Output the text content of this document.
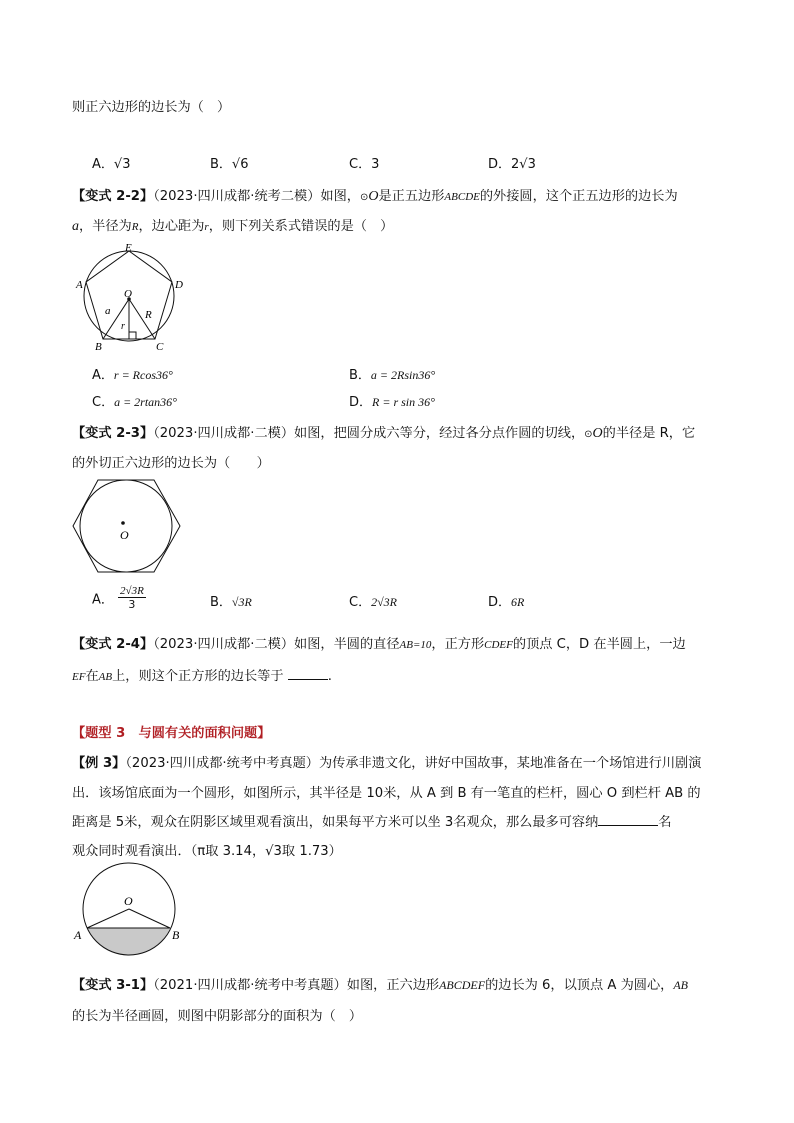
则正六边形的边长为（　）
A．√3	B．√6	C．3	D．2√3
【变式 2-2】（2023·四川成都·统考二模）如图，⊙O是正五边形ABCDE的外接圆，这个正五边形的边长为
a，半径为R，边心距为r，则下列关系式错误的是（　）
E
A	D
B	C
O
a
r
R
A．r = Rcos36°	B．a = 2Rsin36°
C．a = 2rtan36°	D．R = r sin 36°
【变式 2-3】（2023·四川成都·二模）如图，把圆分成六等分，经过各分点作圆的切线，⊙O的半径是 R，它
的外切正六边形的边长为（　　）
O
A． $\frac{2√3R}{3}$	B．√3R	C．2√3R	D．6R
【变式 2-4】（2023·四川成都·二模）如图，半圆的直径AB=10，正方形CDEF的顶点 C，D 在半圆上，一边
EF在AB上，则这个正方形的边长等于	.
【题型 3　与圆有关的面积问题】
【例 3】（2023·四川成都·统考中考真题）为传承非遗文化，讲好中国故事，某地准备在一个场馆进行川剧演
出．该场馆底面为一个圆形，如图所示，其半径是 10米，从 A 到 B 有一笔直的栏杆，圆心 O 到栏杆 AB 的
距离是 5米，观众在阴影区域里观看演出，如果每平方米可以坐 3名观众，那么最多可容纳	名
观众同时观看演出．（π取 3.14，√3取 1.73）
O
A	B
【变式 3-1】（2021·四川成都·统考中考真题）如图，正六边形ABCDEF的边长为 6，以顶点 A 为圆心，AB
的长为半径画圆，则图中阴影部分的面积为（　）
